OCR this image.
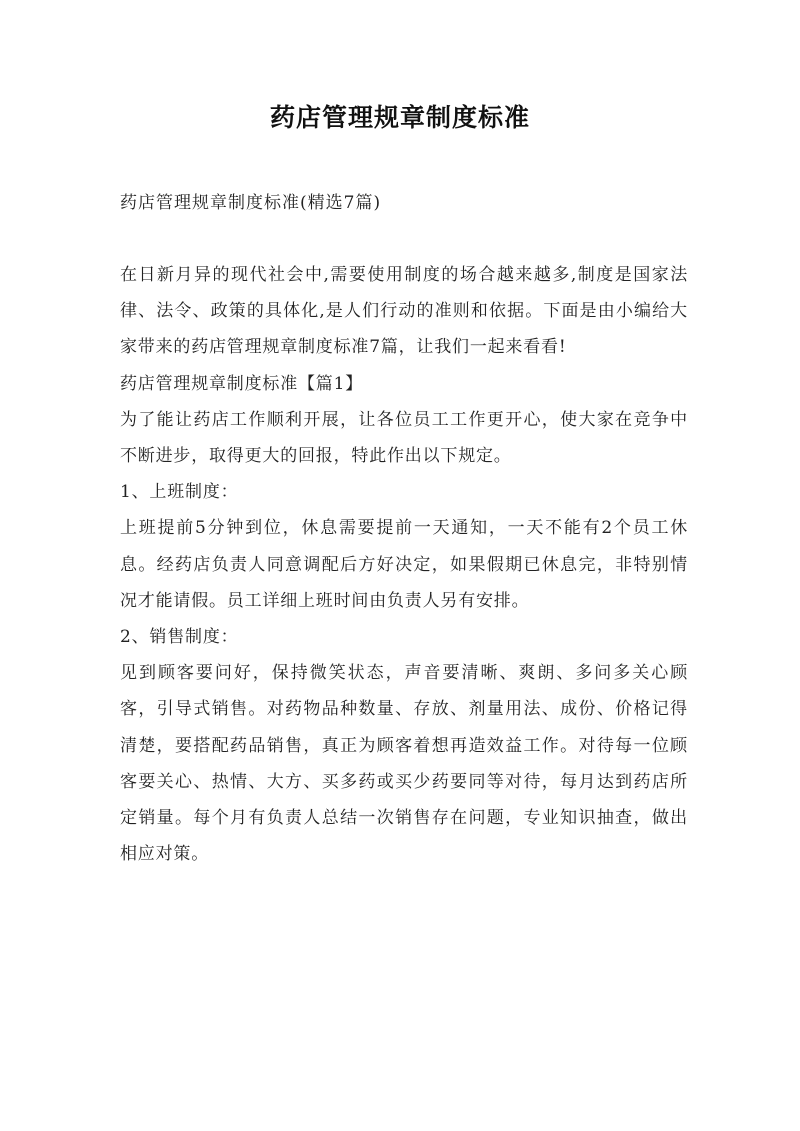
药店管理规章制度标准
药店管理规章制度标准(精选7篇)

在日新月异的现代社会中,需要使用制度的场合越来越多,制度是国家法律、法令、政策的具体化,是人们行动的准则和依据。下面是由小编给大家带来的药店管理规章制度标准7篇，让我们一起来看看!

药店管理规章制度标准【篇1】

为了能让药店工作顺利开展，让各位员工工作更开心，使大家在竞争中不断进步，取得更大的回报，特此作出以下规定。

1、上班制度：

上班提前5分钟到位，休息需要提前一天通知，一天不能有2个员工休息。经药店负责人同意调配后方好决定，如果假期已休息完，非特别情况才能请假。员工详细上班时间由负责人另有安排。

2、销售制度：

见到顾客要问好，保持微笑状态，声音要清晰、爽朗、多问多关心顾客，引导式销售。对药物品种数量、存放、剂量用法、成份、价格记得清楚，要搭配药品销售，真正为顾客着想再造效益工作。对待每一位顾客要关心、热情、大方、买多药或买少药要同等对待，每月达到药店所定销量。每个月有负责人总结一次销售存在问题，专业知识抽查，做出相应对策。
